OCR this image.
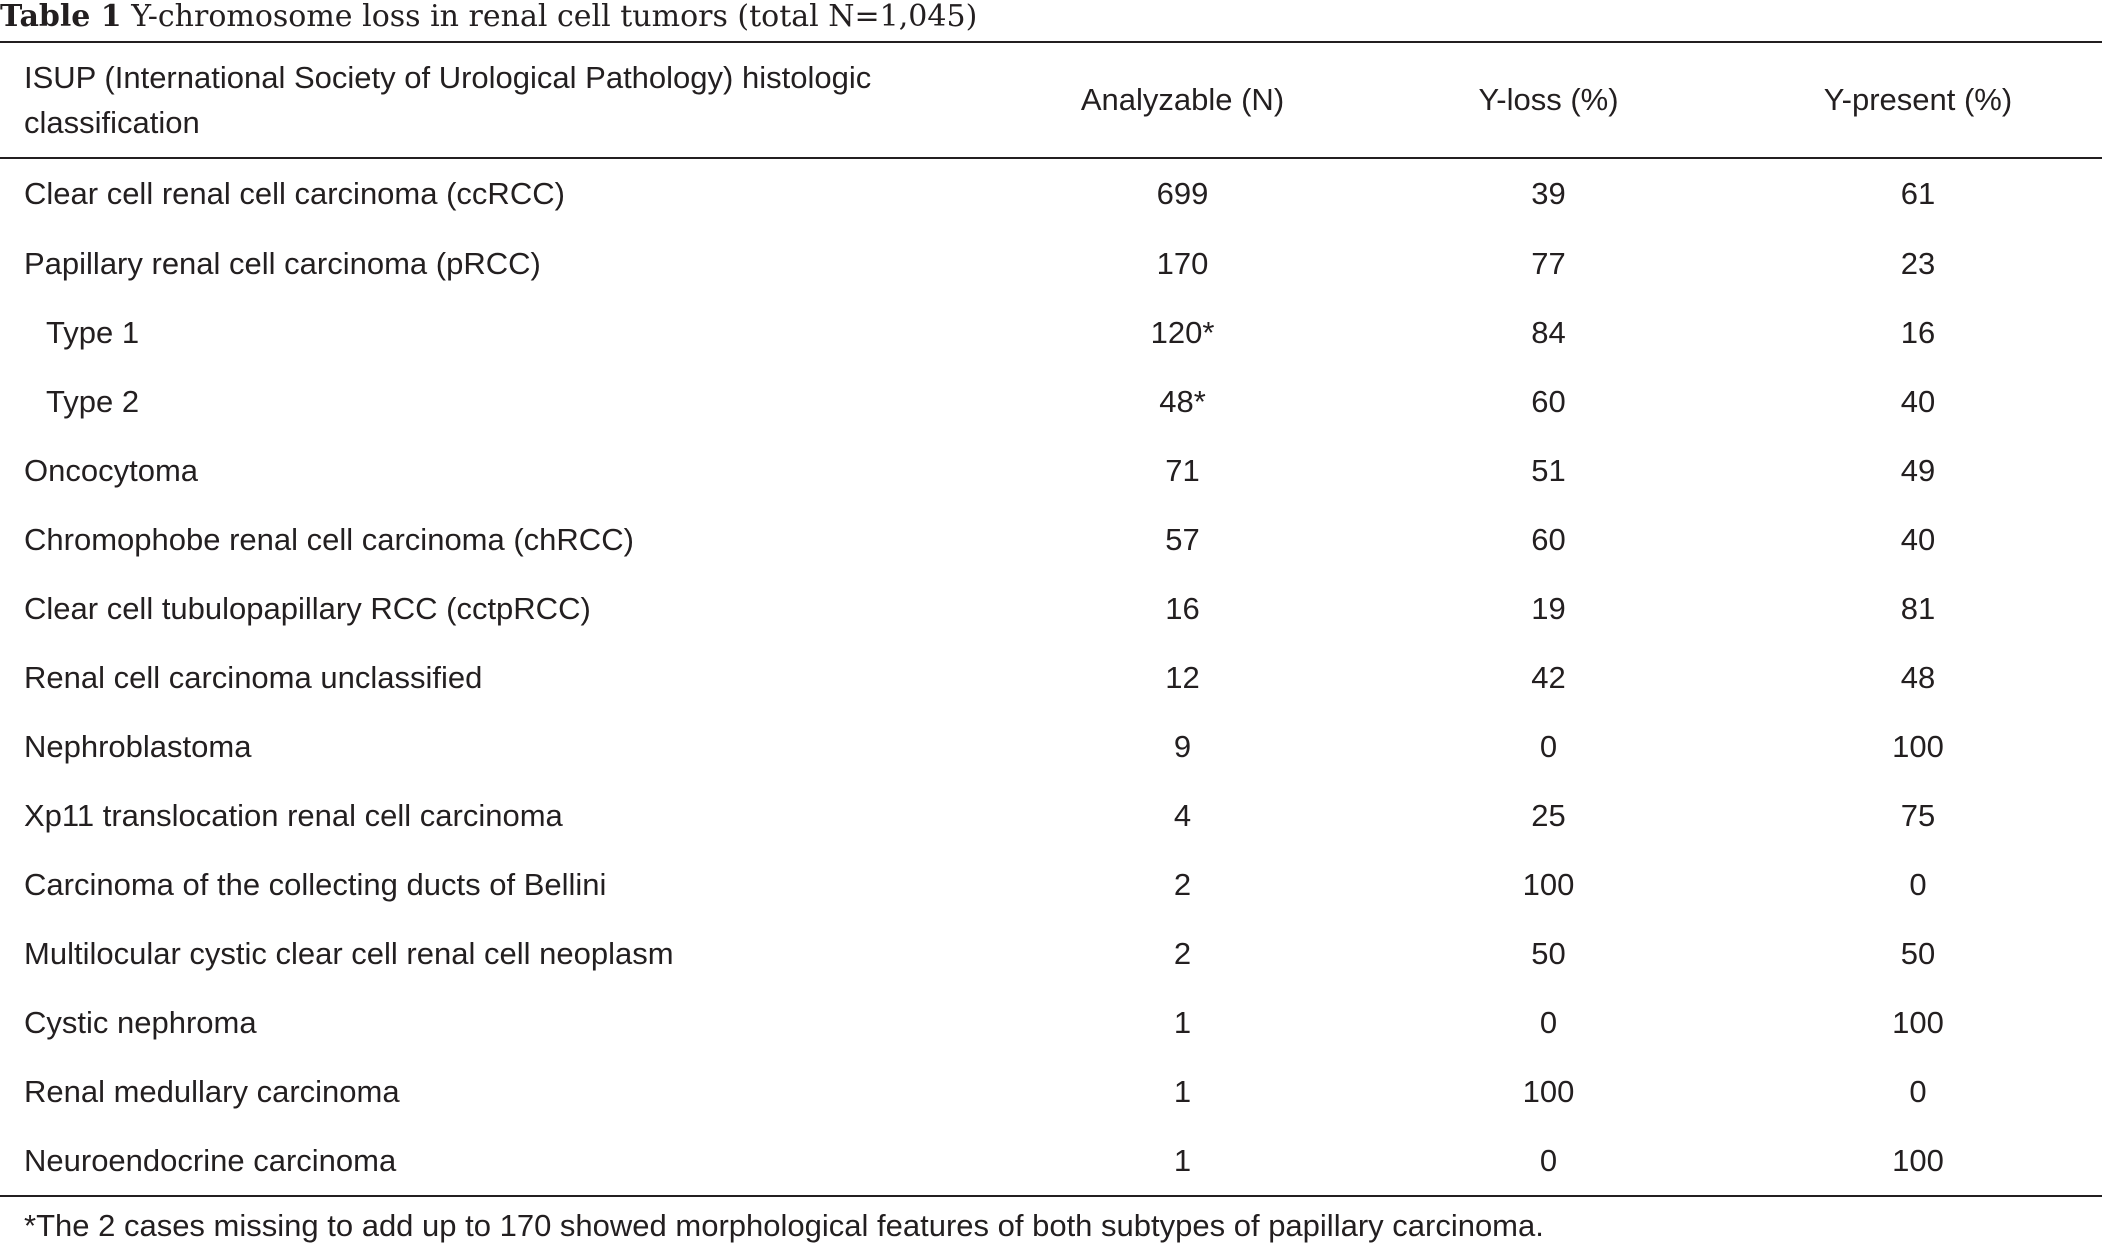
Table 1 Y-chromosome loss in renal cell tumors (total N=1,045)
ISUP (International Society of Urological Pathology) histologic classification	Analyzable (N)	Y-loss (%)	Y-present (%)
Clear cell renal cell carcinoma (ccRCC)	699	39	61
Papillary renal cell carcinoma (pRCC)	170	77	23
Type 1	120*	84	16
Type 2	48*	60	40
Oncocytoma	71	51	49
Chromophobe renal cell carcinoma (chRCC)	57	60	40
Clear cell tubulopapillary RCC (cctpRCC)	16	19	81
Renal cell carcinoma unclassified	12	42	48
Nephroblastoma	9	0	100
Xp11 translocation renal cell carcinoma	4	25	75
Carcinoma of the collecting ducts of Bellini	2	100	0
Multilocular cystic clear cell renal cell neoplasm	2	50	50
Cystic nephroma	1	0	100
Renal medullary carcinoma	1	100	0
Neuroendocrine carcinoma	1	0	100
*The 2 cases missing to add up to 170 showed morphological features of both subtypes of papillary carcinoma.
